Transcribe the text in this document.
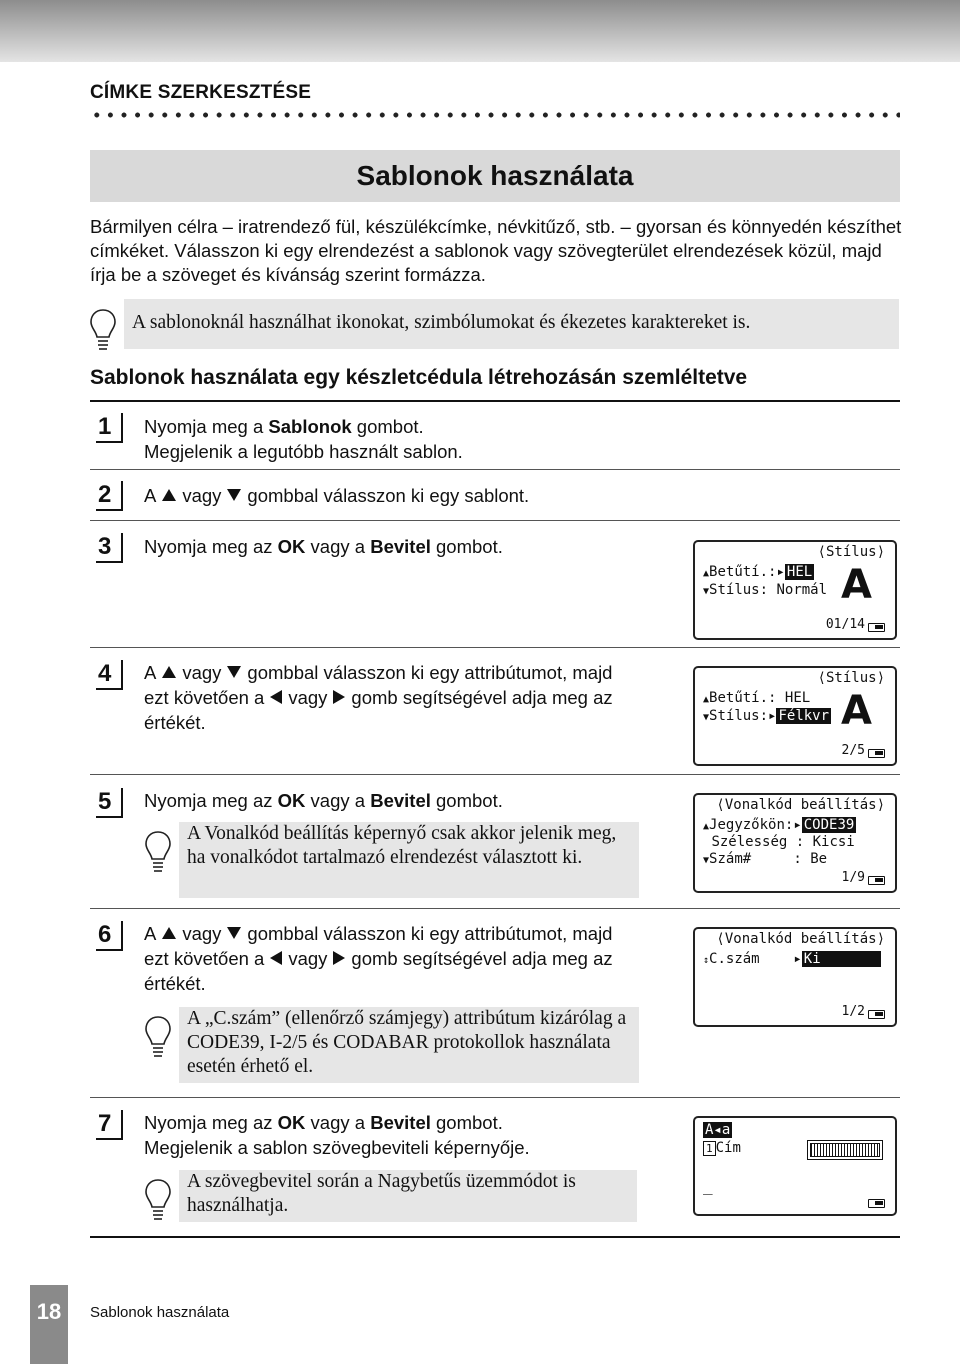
CÍMKE SZERKESZTÉSE
Sablonok használata
Bármilyen célra – iratrendező fül, készülékcímke, névkitűző, stb. – gyorsan és könnyedén készíthet címkéket. Válasszon ki egy elrendezést a sablonok vagy szövegterület elrendezések közül, majd írja be a szöveget és kívánság szerint formázza.
A sablonoknál használhat ikonokat, szimbólumokat és ékezetes karaktereket is.
Sablonok használata egy készletcédula létrehozásán szemléltetve
1 Nyomja meg a Sablonok gombot.
Megjelenik a legutóbb használt sablon.
2 A vagy gombbal válasszon ki egy sablont.
3 Nyomja meg az OK vagy a Bevitel gombot.	⟨Stílus⟩
▲Betűtí.:▸ HEL
▼Stílus: Normál A
01/14
4 A vagy gombbal válasszon ki egy attribútumot, majd
ezt követően a vagy gomb segítségével adja meg az
értékét.
⟨Stílus⟩
▲Betűtí.: HEL
▼Stílus:▸ Félkvr A
2/5
5 Nyomja meg az OK vagy a Bevitel gombot.
A Vonalkód beállítás képernyő csak akkor jelenik meg, ha vonalkódot tartalmazó elrendezést választott ki.
⟨Vonalkód beállítás⟩
▲Jegyzőkön:▸ CODE39
Szélesség : Kicsi
▼Szám#	: Be
1/9
6 A vagy gombbal válasszon ki egy attribútumot, majd
ezt követően a vagy gomb segítségével adja meg az
értékét.
⟨Vonalkód beállítás⟩
↕C.szám    ▸ Ki
1/2
A „C.szám” (ellenőrző számjegy) attribútum kizárólag a CODE39, I-2/5 és CODABAR protokollok használata esetén érhető el.
7 Nyomja meg az OK vagy a Bevitel gombot.
Megjelenik a sablon szövegbeviteli képernyője.
A◂a
1 Cím
_
A szövegbevitel során a Nagybetűs üzemmódot is használhatja.
18	Sablonok használata
